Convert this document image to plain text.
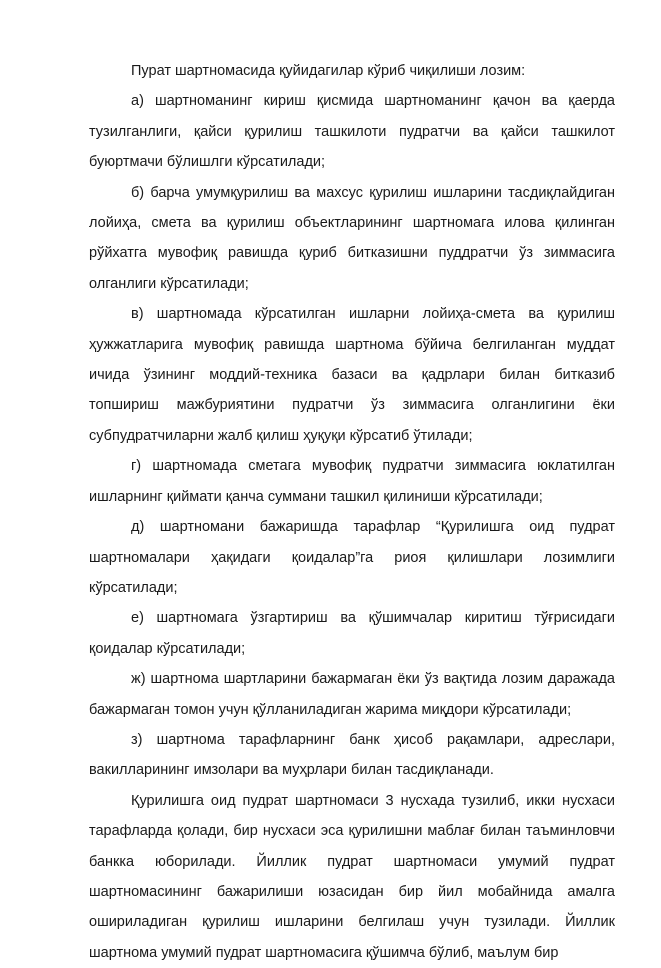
Пурат шартномасида қуйидагилар кўриб чиқилиши лозим:

а) шартноманинг кириш қисмида шартноманинг қачон ва қаерда тузилганлиги, қайси қурилиш ташкилоти пудратчи ва қайси ташкилот буюртмачи бўлишлги кўрсатилади;

б) барча умумқурилиш ва махсус қурилиш ишларини тасдиқлайдиган лойиҳа, смета ва қурилиш объектларининг шартномага илова қилинган рўйхатга мувофиқ равишда қуриб битказишни пуддратчи ўз зиммасига олганлиги кўрсатилади;

в) шартномада кўрсатилган ишларни лойиҳа-смета ва қурилиш ҳужжатларига мувофиқ равишда шартнома бўйича белгиланган муддат ичида ўзининг моддий-техника базаси ва қадрлари билан битказиб топшириш мажбуриятини пудратчи ўз зиммасига олганлигини ёки субпудратчиларни жалб қилиш ҳуқуқи кўрсатиб ўтилади;

г) шартномада сметага мувофиқ пудратчи зиммасига юклатилган ишларнинг қиймати қанча суммани ташкил қилиниши кўрсатилади;

д) шартномани бажаришда тарафлар “Қурилишга оид пудрат шартномалари ҳақидаги қоидалар”га риоя қилишлари лозимлиги кўрсатилади;

е) шартномага ўзгартириш ва қўшимчалар киритиш тўғрисидаги қоидалар кўрсатилади;

ж) шартнома шартларини бажармаган ёки ўз вақтида лозим даражада бажармаган томон учун қўлланиладиган жарима миқдори кўрсатилади;

з) шартнома тарафларнинг банк ҳисоб рақамлари, адреслари, вакилларининг имзолари ва муҳрлари билан тасдиқланади.

Қурилишга оид пудрат шартномаси 3 нусхада тузилиб, икки нусхаси тарафларда қолади, бир нусхаси эса қурилишни маблағ билан таъминловчи банкка юборилади. Йиллик пудрат шартномаси умумий пудрат шартномасининг бажарилиши юзасидан бир йил мобайнида амалга ошириладиган қурилиш ишларини белгилаш учун тузилади. Йиллик шартнома умумий пудрат шартномасига қўшимча бўлиб, маълум бир
